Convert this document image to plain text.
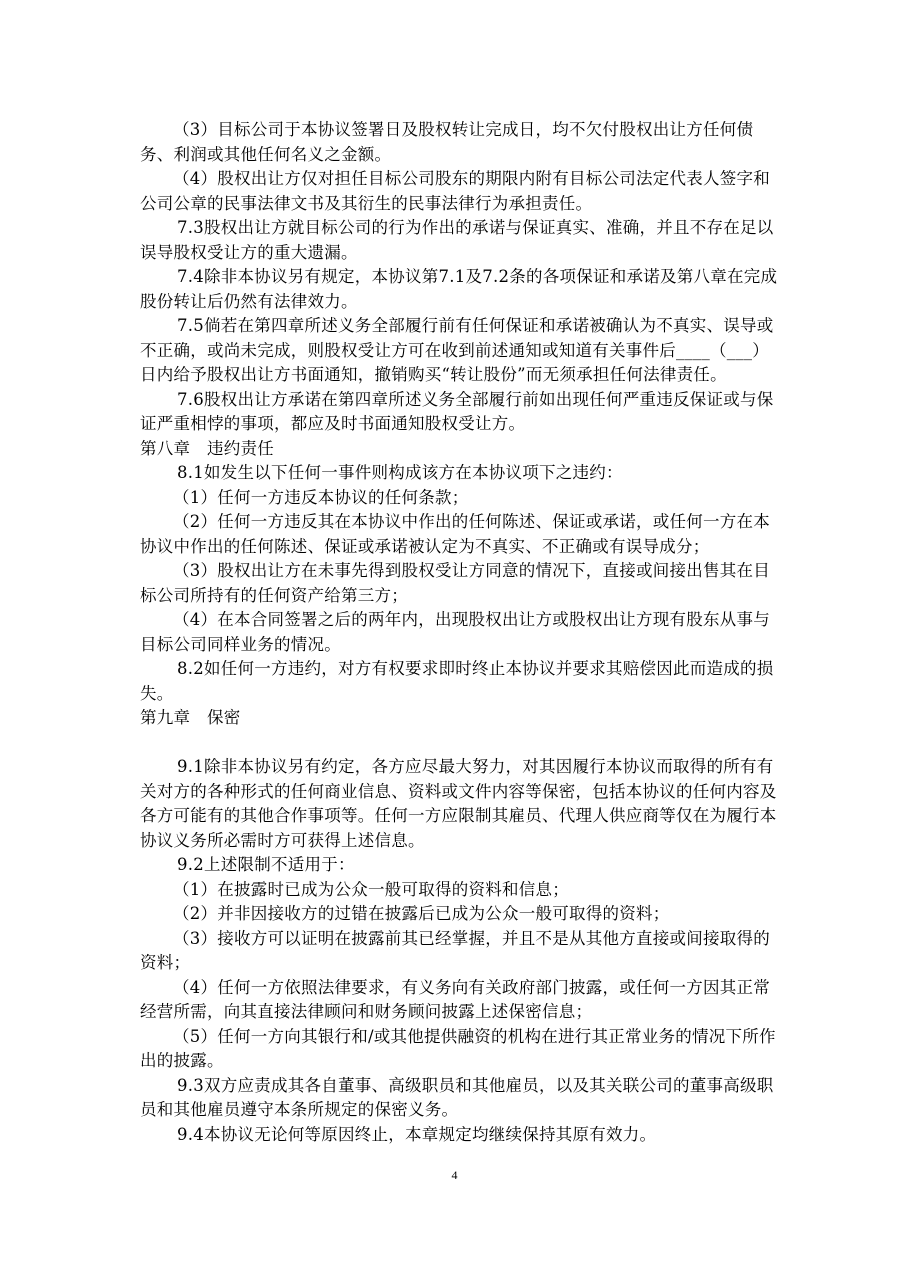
（3）目标公司于本协议签署日及股权转让完成日，均不欠付股权出让方任何债务、利润或其他任何名义之金额。

（4）股权出让方仅对担任目标公司股东的期限内附有目标公司法定代表人签字和公司公章的民事法律文书及其衍生的民事法律行为承担责任。

7.3股权出让方就目标公司的行为作出的承诺与保证真实、准确，并且不存在足以误导股权受让方的重大遗漏。

7.4除非本协议另有规定，本协议第7.1及7.2条的各项保证和承诺及第八章在完成股份转让后仍然有法律效力。

7.5倘若在第四章所述义务全部履行前有任何保证和承诺被确认为不真实、误导或不正确，或尚未完成，则股权受让方可在收到前述通知或知道有关事件后____（___）日内给予股权出让方书面通知，撤销购买“转让股份”而无须承担任何法律责任。

7.6股权出让方承诺在第四章所述义务全部履行前如出现任何严重违反保证或与保证严重相悖的事项，都应及时书面通知股权受让方。

第八章　违约责任

8.1如发生以下任何一事件则构成该方在本协议项下之违约：

（1）任何一方违反本协议的任何条款；

（2）任何一方违反其在本协议中作出的任何陈述、保证或承诺，或任何一方在本协议中作出的任何陈述、保证或承诺被认定为不真实、不正确或有误导成分；

（3）股权出让方在未事先得到股权受让方同意的情况下，直接或间接出售其在目标公司所持有的任何资产给第三方；

（4）在本合同签署之后的两年内，出现股权出让方或股权出让方现有股东从事与目标公司同样业务的情况。

8.2如任何一方违约，对方有权要求即时终止本协议并要求其赔偿因此而造成的损失。

第九章　保密

9.1除非本协议另有约定，各方应尽最大努力，对其因履行本协议而取得的所有有关对方的各种形式的任何商业信息、资料或文件内容等保密，包括本协议的任何内容及各方可能有的其他合作事项等。任何一方应限制其雇员、代理人供应商等仅在为履行本协议义务所必需时方可获得上述信息。

9.2上述限制不适用于：

（1）在披露时已成为公众一般可取得的资料和信息；

（2）并非因接收方的过错在披露后已成为公众一般可取得的资料；

（3）接收方可以证明在披露前其已经掌握，并且不是从其他方直接或间接取得的资料；

（4）任何一方依照法律要求，有义务向有关政府部门披露，或任何一方因其正常经营所需，向其直接法律顾问和财务顾问披露上述保密信息；

（5）任何一方向其银行和/或其他提供融资的机构在进行其正常业务的情况下所作出的披露。

9.3双方应责成其各自董事、高级职员和其他雇员，以及其关联公司的董事高级职员和其他雇员遵守本条所规定的保密义务。

9.4本协议无论何等原因终止，本章规定均继续保持其原有效力。

4
